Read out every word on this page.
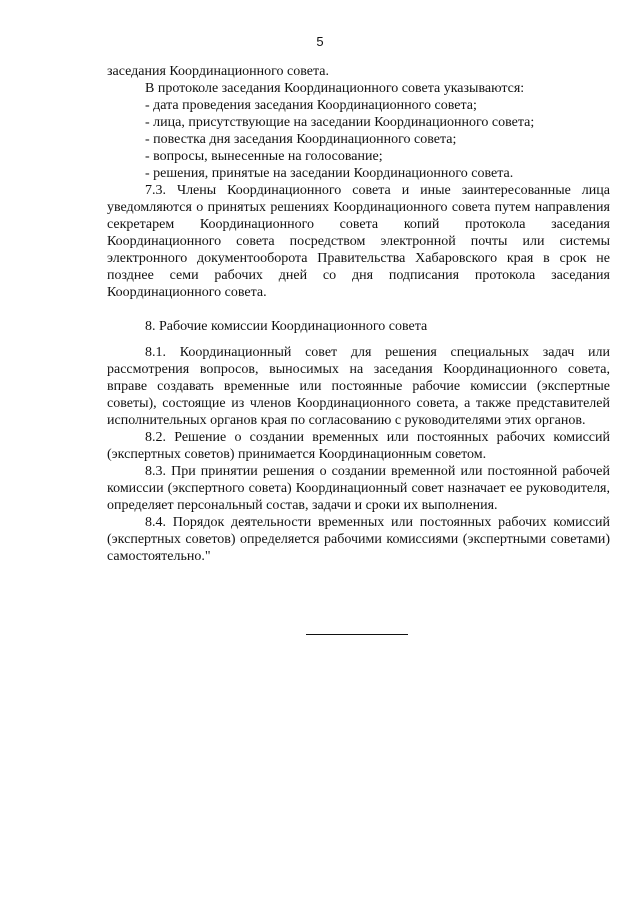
5

заседания Координационного совета.

В протоколе заседания Координационного совета указываются:

- дата проведения заседания Координационного совета;

- лица, присутствующие на заседании Координационного совета;

- повестка дня заседания Координационного совета;

- вопросы, вынесенные на голосование;

- решения, принятые на заседании Координационного совета.

7.3. Члены Координационного совета и иные заинтересованные лица уведомляются о принятых решениях Координационного совета путем направления секретарем Координационного совета копий протокола заседания Координационного совета посредством электронной почты или системы электронного документооборота Правительства Хабаровского края в срок не позднее семи рабочих дней со дня подписания протокола заседания Координационного совета.

8. Рабочие комиссии Координационного совета

8.1. Координационный совет для решения специальных задач или рассмотрения вопросов, выносимых на заседания Координационного совета, вправе создавать временные или постоянные рабочие комиссии (экспертные советы), состоящие из членов Координационного совета, а также представителей исполнительных органов края по согласованию с руководителями этих органов.

8.2. Решение о создании временных или постоянных рабочих комиссий (экспертных советов) принимается Координационным советом.

8.3. При принятии решения о создании временной или постоянной рабочей комиссии (экспертного совета) Координационный совет назначает ее руководителя, определяет персональный состав, задачи и сроки их выполнения.

8.4. Порядок деятельности временных или постоянных рабочих комиссий (экспертных советов) определяется рабочими комиссиями (экспертными советами) самостоятельно."
